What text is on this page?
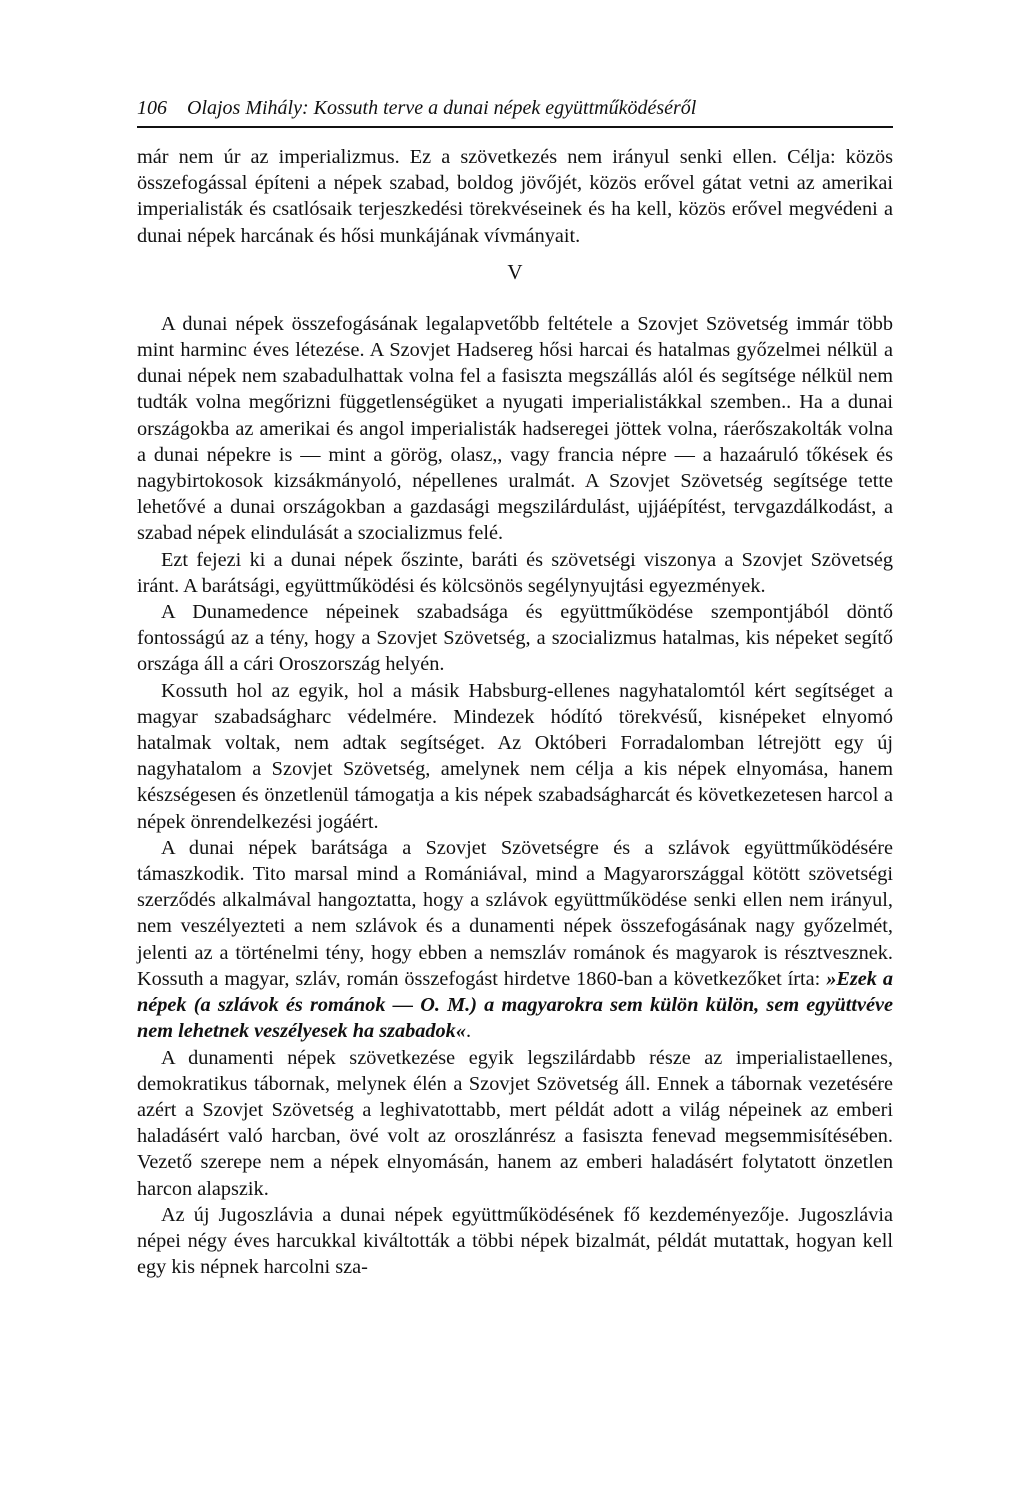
106 Olajos Mihály: Kossuth terve a dunai népek együttműködéséről

már nem úr az imperializmus. Ez a szövetkezés nem irányul senki ellen. Célja: közös összefogással építeni a népek szabad, boldog jövőjét, közös erővel gátat vetni az amerikai imperialisták és csatlósaik terjeszkedési törekvéseinek és ha kell, közös erővel megvédeni a dunai népek harcának és hősi munkájának vívmányait.

V

A dunai népek összefogásának legalapvetőbb feltétele a Szovjet Szövetség immár több mint harminc éves létezése. A Szovjet Hadsereg hősi harcai és hatalmas győzelmei nélkül a dunai népek nem szabadulhattak volna fel a fasiszta megszállás alól és segítsége nélkül nem tudták volna megőrizni függetlenségüket a nyugati imperialistákkal szemben.. Ha a dunai országokba az amerikai és angol imperialisták hadseregei jöttek volna, ráerőszakolták volna a dunai népekre is — mint a görög, olasz,, vagy francia népre — a hazaáruló tőkések és nagybirtokosok kizsákmányoló, népellenes uralmát. A Szovjet Szövetség segítsége tette lehetővé a dunai országokban a gazdasági megszilárdulást, ujjáépítést, tervgazdálkodást, a szabad népek elindulását a szocializmus felé.

Ezt fejezi ki a dunai népek őszinte, baráti és szövetségi viszonya a Szovjet Szövetség iránt. A barátsági, együttműködési és kölcsönös segélynyujtási egyezmények.

A Dunamedence népeinek szabadsága és együttműködése szempontjából döntő fontosságú az a tény, hogy a Szovjet Szövetség, a szocializmus hatalmas, kis népeket segítő országa áll a cári Oroszország helyén.

Kossuth hol az egyik, hol a másik Habsburg-ellenes nagyhatalomtól kért segítséget a magyar szabadságharc védelmére. Mindezek hódító törekvésű, kisnépeket elnyomó hatalmak voltak, nem adtak segítséget. Az Októberi Forradalomban létrejött egy új nagyhatalom a Szovjet Szövetség, amelynek nem célja a kis népek elnyomása, hanem készségesen és önzetlenül támogatja a kis népek szabadságharcát és következetesen harcol a népek önrendelkezési jogáért.

A dunai népek barátsága a Szovjet Szövetségre és a szlávok együttműködésére támaszkodik. Tito marsal mind a Romániával, mind a Magyarországgal kötött szövetségi szerződés alkalmával hangoztatta, hogy a szlávok együttműködése senki ellen nem irányul, nem veszélyezteti a nem szlávok és a dunamenti népek összefogásának nagy győzelmét, jelenti az a történelmi tény, hogy ebben a nemszláv románok és magyarok is résztvesznek. Kossuth a magyar, szláv, román összefogást hirdetve 1860-ban a következőket írta: »Ezek a népek (a szlávok és románok — O. M.) a magyarokra sem külön külön, sem együttvéve nem lehetnek veszélyesek ha szabadok«.

A dunamenti népek szövetkezése egyik legszilárdabb része az imperialistaellenes, demokratikus tábornak, melynek élén a Szovjet Szövetség áll. Ennek a tábornak vezetésére azért a Szovjet Szövetség a leghivatottabb, mert példát adott a világ népeinek az emberi haladásért való harcban, övé volt az oroszlánrész a fasiszta fenevad megsemmisítésében. Vezető szerepe nem a népek elnyomásán, hanem az emberi haladásért folytatott önzetlen harcon alapszik.

Az új Jugoszlávia a dunai népek együttműködésének fő kezdeményezője. Jugoszlávia népei négy éves harcukkal kiváltották a többi népek bizalmát, példát mutattak, hogyan kell egy kis népnek harcolni sza-
